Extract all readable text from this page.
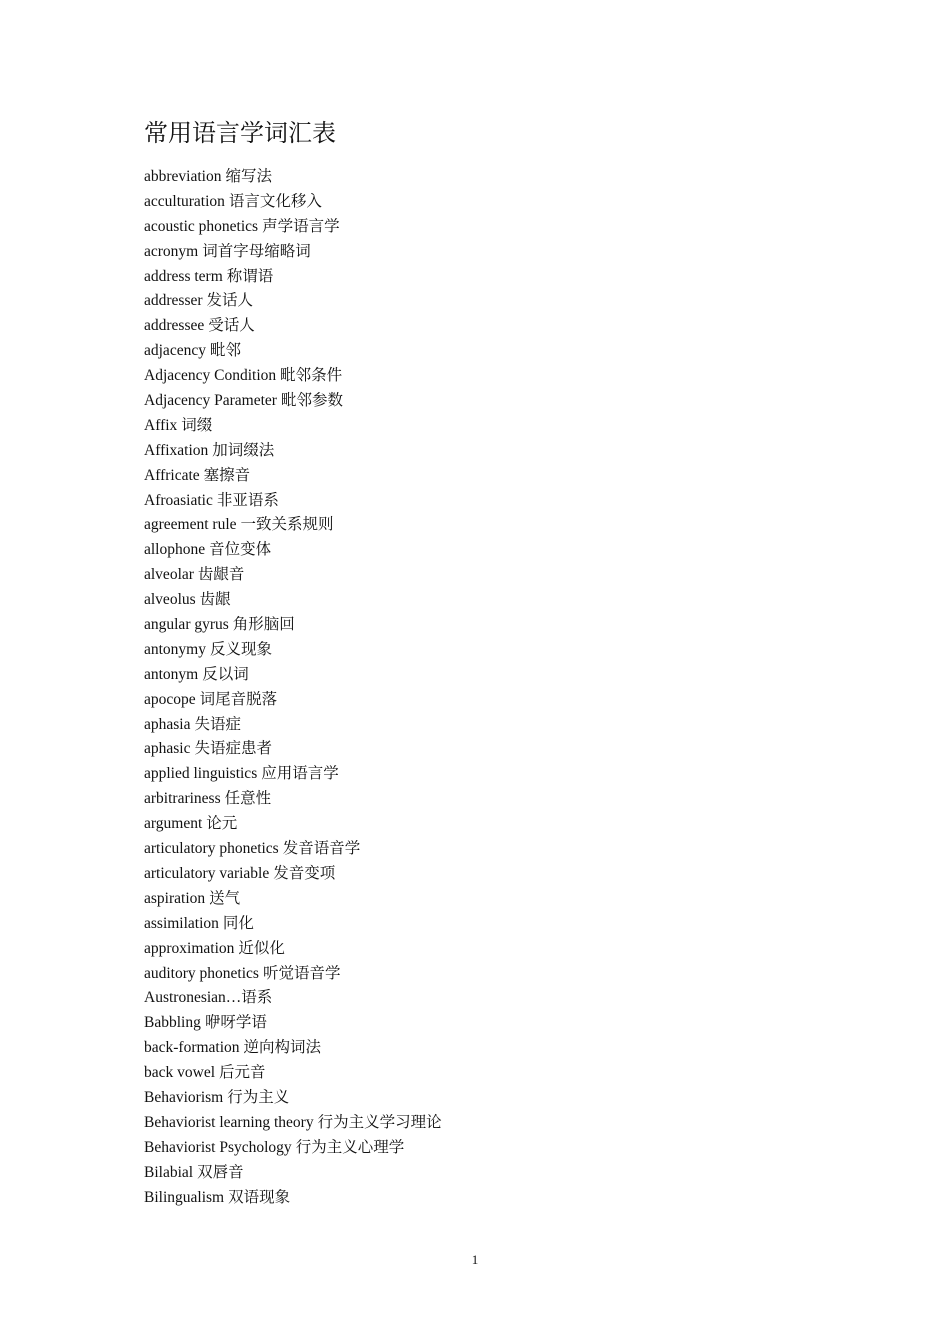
常用语言学词汇表
abbreviation 缩写法
acculturation 语言文化移入
acoustic phonetics 声学语言学
acronym 词首字母缩略词
address term 称谓语
addresser 发话人
addressee 受话人
adjacency 毗邻
Adjacency Condition 毗邻条件
Adjacency Parameter 毗邻参数
Affix 词缀
Affixation 加词缀法
Affricate 塞擦音
Afroasiatic 非亚语系
agreement rule 一致关系规则
allophone 音位变体
alveolar 齿龈音
alveolus 齿龈
angular gyrus 角形脑回
antonymy 反义现象
antonym 反以词
apocope 词尾音脱落
aphasia 失语症
aphasic 失语症患者
applied linguistics 应用语言学
arbitrariness 任意性
argument 论元
articulatory phonetics 发音语音学
articulatory variable 发音变项
aspiration 送气
assimilation 同化
approximation 近似化
auditory phonetics 听觉语音学
Austronesian…语系
Babbling 咿呀学语
back-formation 逆向构词法
back vowel 后元音
Behaviorism 行为主义
Behaviorist learning theory 行为主义学习理论
Behaviorist Psychology 行为主义心理学
Bilabial 双唇音
Bilingualism 双语现象
1
